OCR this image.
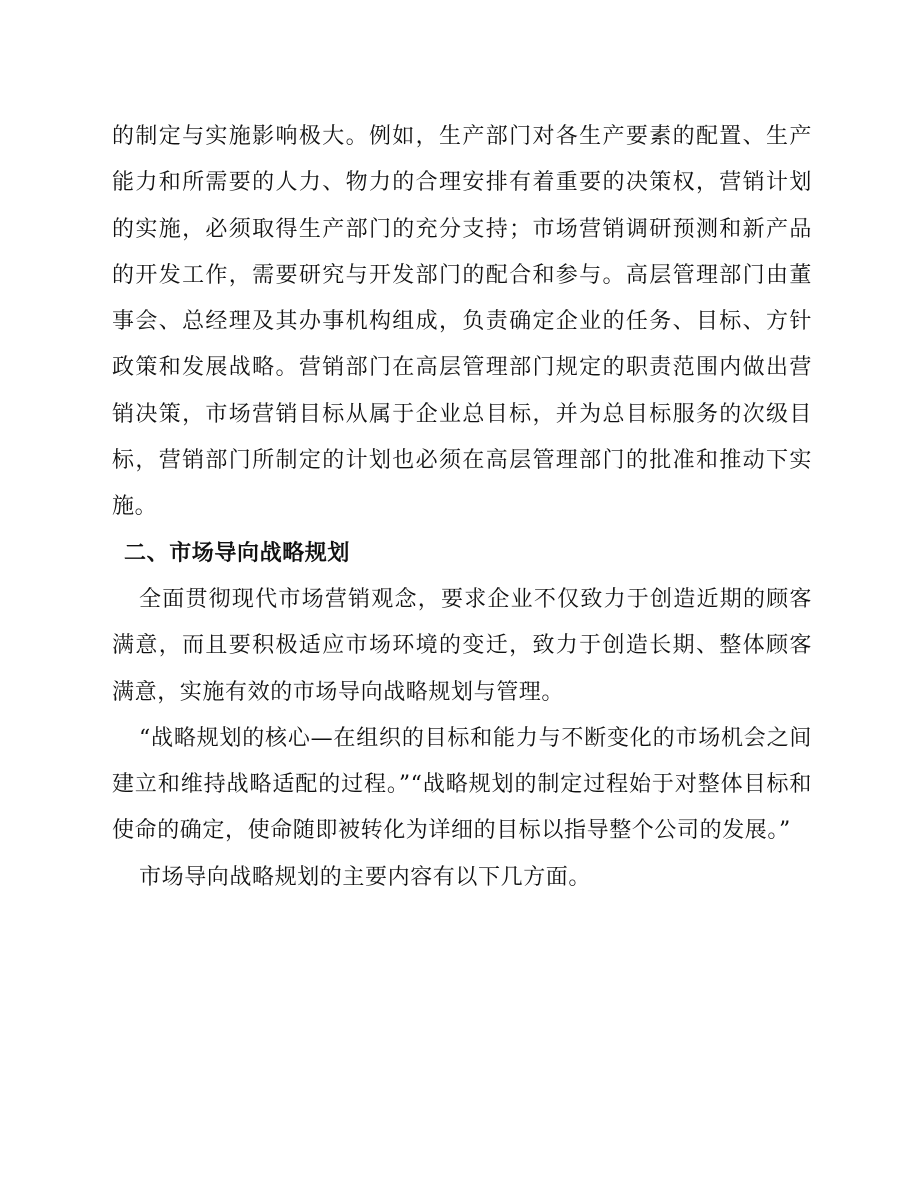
的制定与实施影响极大。例如，生产部门对各生产要素的配置、生产能力和所需要的人力、物力的合理安排有着重要的决策权，营销计划的实施，必须取得生产部门的充分支持；市场营销调研预测和新产品的开发工作，需要研究与开发部门的配合和参与。高层管理部门由董事会、总经理及其办事机构组成，负责确定企业的任务、目标、方针政策和发展战略。营销部门在高层管理部门规定的职责范围内做出营销决策，市场营销目标从属于企业总目标，并为总目标服务的次级目标，营销部门所制定的计划也必须在高层管理部门的批准和推动下实施。

二、市场导向战略规划

全面贯彻现代市场营销观念，要求企业不仅致力于创造近期的顾客满意，而且要积极适应市场环境的变迁，致力于创造长期、整体顾客满意，实施有效的市场导向战略规划与管理。

“战略规划的核心—在组织的目标和能力与不断变化的市场机会之间建立和维持战略适配的过程。”“战略规划的制定过程始于对整体目标和使命的确定，使命随即被转化为详细的目标以指导整个公司的发展。”

市场导向战略规划的主要内容有以下几方面。
